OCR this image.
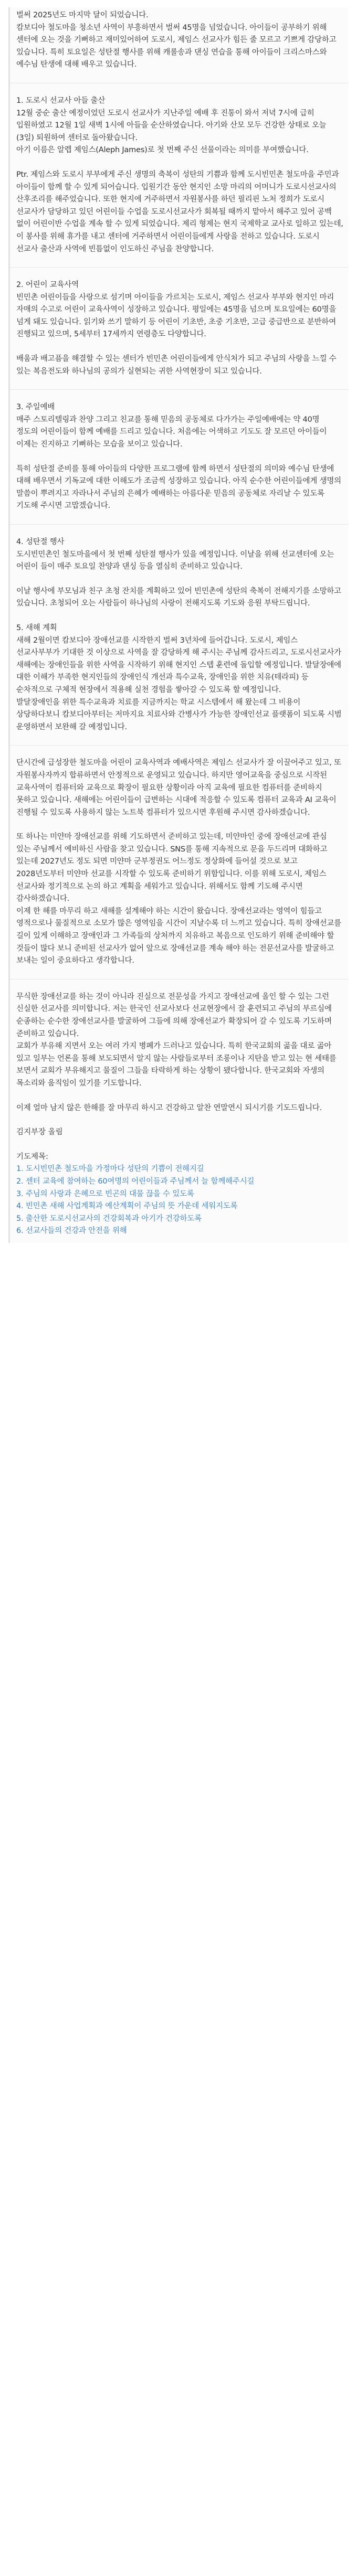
벌써 2025년도 마지막 달이 되었습니다.
캄보디아 철도마을 청소년 사역이 부흥하면서 벌써 45명을 넘었습니다. 아이들이 공부하기 위해 센터에 오는 것을 기뻐하고 재미있어하여 도로시, 제임스 선교사가 힘든 줄 모르고 기쁘게 감당하고 있습니다. 특히 토요일은 성탄절 행사를 위해 캐롤송과 댄싱 연습을 통해 아이들이 크리스마스와 예수님 탄생에 대해 배우고 있습니다.

1. 도로시 선교사 아들 출산
12월 중순 출산 예정이었던 도로시 선교사가 지난주일 예배 후 진통이 와서 저녁 7시에 급히 입원하였고 12월 1일 새벽 1시에 아들을 순산하였습니다. 아기와 산모 모두 건강한 상태로 오늘(3일) 퇴원하여 센터로 돌아왔습니다.
아기 이름은 알렙 제임스(Aleph James)로 첫 번째 주신 선물이라는 의미를 부여했습니다.

Ptr. 제임스와 도로시 부부에게 주신 생명의 축복이 성탄의 기쁨과 함께 도시빈민촌 철도마을 주민과 아이들이 함께 할 수 있게 되어습니다. 입원기간 동안 현지인 소망 마리의 어머니가 도로시선교사의 산후조리를 해주었습니다. 또한 현지에 거주하면서 자원봉사를 하던 필리핀 노처 정희가 도로시 선교사가 담당하고 있던 어린이들 수업을 도로시선교사가 회복될 때까지 맡아서 해주고 있어 공백 없이 어린이반 수업을 계속 할 수 있게 되었습니다. 제리 형제는 현지 국제학교 교사로 일하고 있는데, 이 봉사를 위해 휴가를 내고 센터에 거주하면서 어린이들에게 사랑을 전하고 있습니다. 도로시 선교사 출산과 사역에 빈틈없이 인도하신 주님을 찬양합니다.

2. 어린이 교육사역
빈민촌 어린이들을 사랑으로 섬기며 아이들을 가르치는 도로시, 제임스 선교사 부부와 현지인 마리 자매의 수고로 어린이 교육사역이 성장하고 있습니다. 평일에는 45명을 넘으며 토요일에는 60명을 넘게 돼도 있습니다. 읽기와 쓰기 말하기 등 어린이 기초반, 초중 기초반, 고급 중급반으로 분반하여 진행되고 있으며, 5세부터 17세까지 연령층도 다양합니다.

배움과 배고픔을 해결할 수 있는 센터가 빈민촌 어린이들에게 안식처가 되고 주님의 사랑을 느낄 수 있는 복음전도와 하나님의 공의가 실현되는 귀한 사역현장이 되고 있습니다.

3. 주일예배
매주 스토리텔링과 찬양 그리고 친교를 통해 믿음의 공동체로 다가가는 주일예배에는 약 40명 정도의 어린이들이 함께 예배를 드리고 있습니다. 처음에는 어색하고 기도도 잘 모르던 아이들이 이제는 진지하고 기뻐하는 모습을 보이고 있습니다.

특히 성탄절 준비를 통해 아이들의 다양한 프로그램에 함께 하면서 성탄절의 의미와 예수님 탄생에 대해 배우면서 기독교에 대한 이해도가 조금씩 성장하고 있습니다. 아직 순수한 어린이들에게 생명의 말씀이 뿌려지고 자라나서 주님의 은혜가 예배하는 아름다운 믿음의 공동체로 자리날 수 있도록 기도해 주시면 고맙겠습니다.

4. 성탄절 행사
도시빈민촌인 철도마을에서 첫 번째 성탄절 행사가 있을 예정입니다. 이날을 위해 선교센터에 오는 어린이 들이 매주 토요일 찬양과 댄싱 등을 열심히 준비하고 있습니다.

이날 행사에 부모님과 친구 초청 잔치를 계획하고 있어 빈민촌에 성탄의 축복이 전해지기를 소망하고 있습니다. 초청되어 오는 사람들이 하나님의 사랑이 전해지도록 기도와 응원 부탁드립니다.

5. 새해 계획
새해 2월이면 캄보디아 장애선교를 시작한지 벌써 3년차에 들어갑니다. 도로시, 제임스 선교사부부가 기대한 것 이상으로 사역을 잘 감당하게 해 주시는 주님께 감사드리고, 도로시선교사가 새해에는 장애인들을 위한 사역을 시작하기 위해 현지인 스텝 훈련에 돌입할 예정입니다. 발달장애에 대한 이해가 부족한 현지인들의 장애인식 개선과 특수교육, 장애인을 위한 치유(테라피) 등 순차적으로 구체적 현장에서 적용해 실천 경험을 쌓아갈 수 있도록 할 예정입니다.
발달장애인을 위한 특수교육과 치료를 지금까지는 학교 시스템에서 해 왔는데 그 비용이 상당하다보니 캄보디아부터는 저마지요 치료사와 간병사가 가능한 장애인선교 플랫폼이 되도록 시범 운영하면서 보완해 갈 예정입니다.

단시간에 급성장한 철도마을 어린이 교육사역과 예배사역은 제임스 선교사가 잘 이끌어주고 있고, 또 자원봉사자까지 합류하면서 안정적으로 운영되고 있습니다. 하지만 영어교육을 중심으로 시작된 교육사역이 컴퓨터와 교육으로 확장이 필요한 상황이라 아직 교육에 필요한 컴퓨터를 준비하지 못하고 있습니다. 새해에는 어린이들이 급변하는 시대에 적응할 수 있도록 컴퓨터 교육과 AI 교육이 진행될 수 있도록 사용하지 않는 노트북 컴퓨터가 있으시면 후원해 주시면 감사하겠습니다.

또 하나는 미얀마 장애선교를 위해 기도하면서 준비하고 있는데, 미얀마인 중에 장애선교에 관심 있는 주님께서 예비하신 사람을 찾고 있습니다. SNS를 통해 지속적으로 문을 두드리며 대화하고 있는데 2027년도 정도 되면 미얀마 군부정권도 어느정도 정상화에 들어설 것으로 보고 2028년도부터 미얀마 선교를 시작할 수 있도록 준비하기 위함입니다. 이를 위해 도로시, 제임스 선교사와 정기적으로 논의 하고 계획을 세워가고 있습니다. 위해서도 함께 기도해 주시면 감사하겠습니다.
이제 한 해를 마무리 하고 새해를 설계해야 하는 시간이 왔습니다. 장애선교라는 영역이 힘들고 영적으로나 물질적으로 소모가 많은 영역임을 시간이 지날수록 더 느끼고 있습니다. 특히 장애선교를 길이 있게 이해하고 장애인과 그 가족들의 상처까지 치유하고 복음으로 인도하기 위해 준비해야 할 것들이 많다 보니 준비된 선교사가 없어 앞으로 장애선교를 계속 해야 하는 전문선교사를 발굴하고 보내는 일이 중요하다고 생각합니다.

무식한 장애선교를 하는 것이 아니라 진실으로 전문성을 가지고 장애선교에 올인 할 수 있는 그런 신실한 선교사를 의미합니다. 저는 한국인 선교사보다 선교현장에서 잘 훈련되고 주님의 부르심에 순종하는 순수한 장애선교사를 발굴하여 그들에 의해 장애선교가 확장되어 갈 수 있도록 기도하며 준비하고 있습니다.
교회가 부유해 지면서 오는 여러 가지 병폐가 드러나고 있습니다. 특히 한국교회의 곪을 대로 곪아 있고 일부는 언론을 통해 보도되면서 알지 않는 사람들로부터 조롱이나 지탄을 받고 있는 현 세태를 보면서 교회가 부유해지고 물질이 그들을 타락하게 하는 상황이 됐다합니다. 한국교회와 자생의 목소리와 움직임이 있기를 기도합니다.

이제 얼마 남지 않은 한해를 잘 마무리 하시고 건강하고 알찬 연말연시 되시기를 기도드립니다.

김지부장 올림

기도제목:

1. 도시빈민촌 철도마을 가정마다 성탄의 기쁨이 전해지길
2. 센터 교육에 참여하는 60여명의 어린이들과 주님께서 늘 함께해주시길
3. 주님의 사랑과 은혜으로 빈곤의 대물 끊을 수 있도록
4. 빈민촌 새해 사업계획과 예산계획이 주님의 뜻 가운데 세워지도록
5. 출산한 도로시선교사의 건강회복과 아기가 건강하도록
6. 선교사들의 건강과 안전을 위해
